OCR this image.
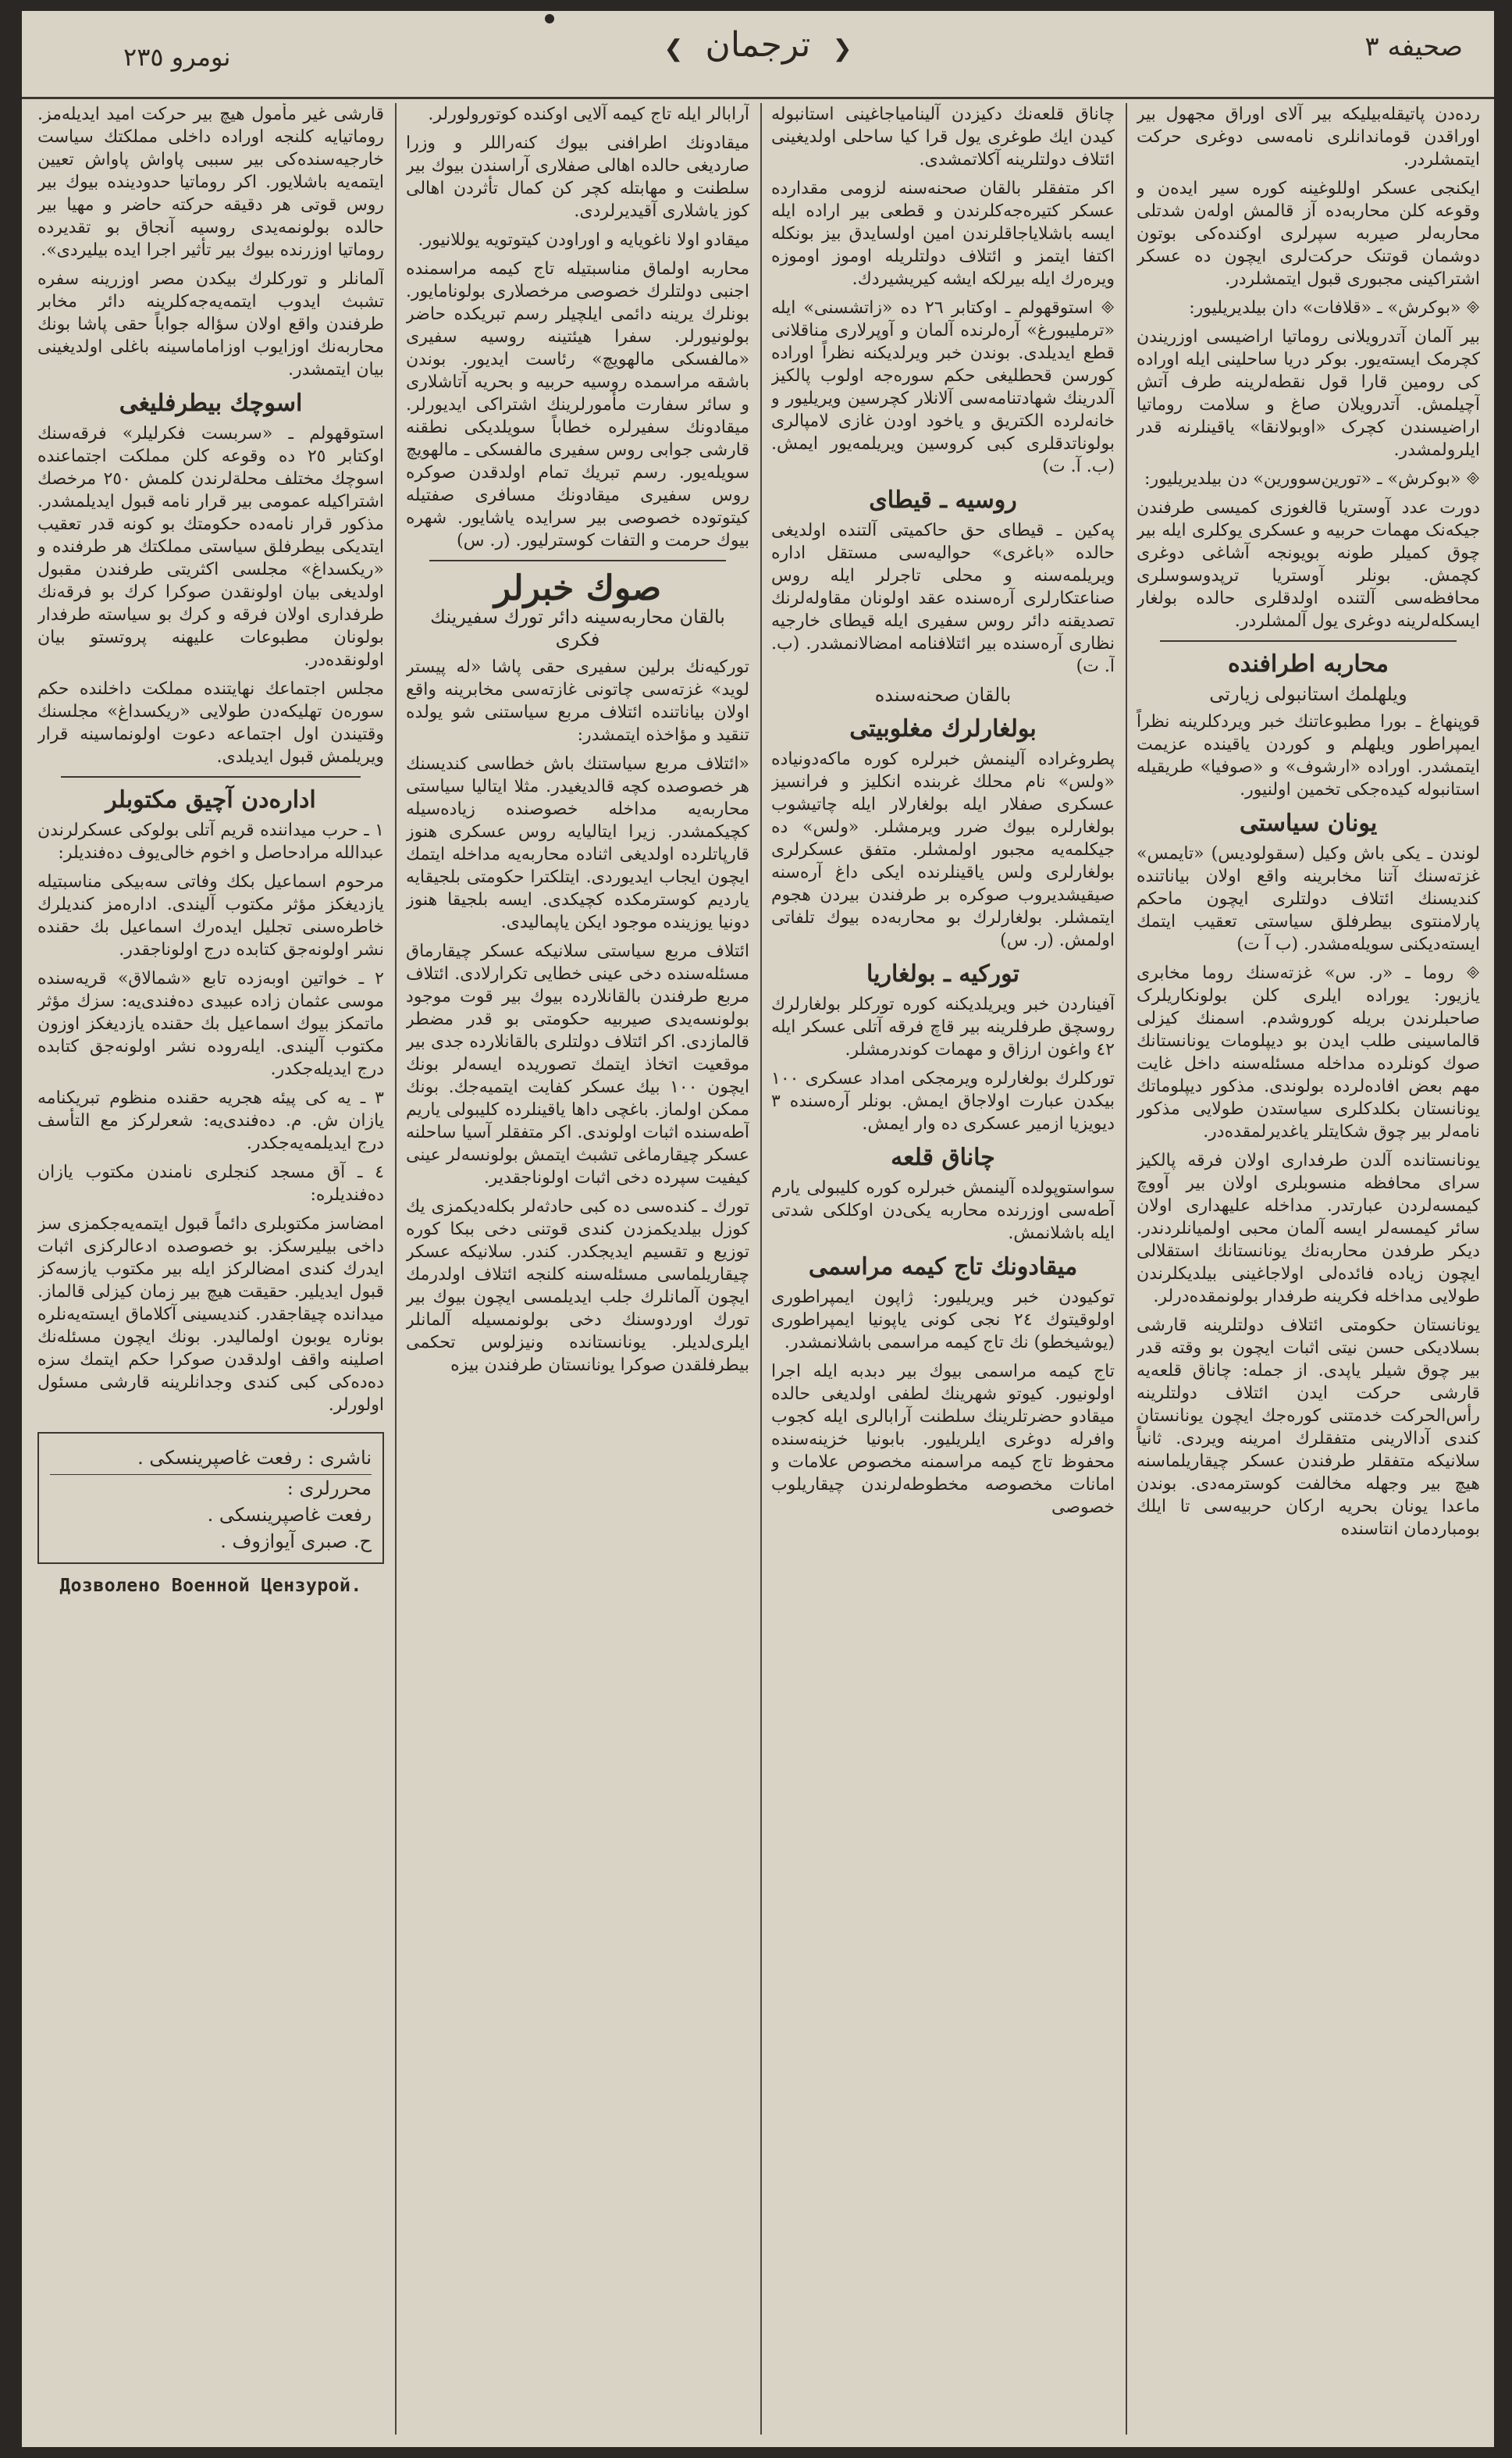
صحيفه ٣
❮ ترجمان ❯
نومرو ٢٣٥

رده‌دن پاتیقله‌بیلیکه بیر آلای اوراق مجهول بیر اوراقدن قوماندانلری نامه‌سی دوغری حرکت ایتمشلردر.

ایکنجی عسکر اوللوغینه کوره سیر ایده‌ن و وقوعه کلن محاربه‌ده آز قالمش اوله‌ن شدتلی محاربه‌لر صیربه سپرلری اوکنده‌کی بوتون دوشمان قوتنک حرکت‌لری ایچون ده عسکر اشتراکینی مجبوری قبول ایتمشلردر.

🞜 «بوکرش» ـ «قلافات» دان بیلدیریلیور:

بیر آلمان آتدرویلانی روماتیا اراضیسی اوزریندن کچرمک ایسته‌یور. بوکر دریا ساحلینی ایله اوراده کی رومین قارا قول نقطه‌لرینه طرف آتش آچیلمش. آتدرویلان صاغ و سلامت روماتیا اراضیسندن کچرک «اوبولانقا» یاقینلرنه قدر ایلرولمشدر.

🞜 «بوکرش» ـ «تورین‌سوورین» دن بیلدیریلیور:

دورت عدد آوستریا قالغوزی کمیسی طرفندن جیکه‌نک مهمات حربیه و عسکری یوکلری ایله بیر چوق کمیلر طونه بویونجه آشاغی دوغری کچمش. بونلر آوستریا ترپدوسوسلری محافظه‌سی آلتنده اولدقلری حالده بولغار ایسکله‌لرینه دوغری یول آلمشلردر.

محاربه اطرافنده
ویلهلمك استانبولی زیارتی

قوپنهاغ ـ بورا مطبوعاتنك خبر ویردکلرینه نظراً ایمپراطور ویلهلم و کوردن یاقینده عزیمت ایتمشدر. اوراده «ارشوف» و «صوفیا» طریقیله استانبوله کیده‌جکی تخمین اولنیور.

یونان سیاستی

لوندن ـ یکی باش وکیل (سقولودیس) «تایمس» غزته‌سنك آتنا مخابرینه واقع اولان بیاناتنده کندیسنك ائتلاف دولتلری ایچون ماحکم پارلامنتوی بیطرفلق سیاستی تعقیب ایتمك ایسته‌دیکنی سویله‌مشدر. (ب آ ت)

🞜 روما ـ «ر. س» غزته‌سنك روما مخابری یازیور: یوراده ایلری کلن بولونکاریلرک صاحبلرندن بریله کوروشدم. اسمنك کیزلی قالماسینی طلب ایدن بو دیپلومات یونانستانك صوك کونلرده مداخله مسئله‌سنه داخل غایت مهم بعض افاده‌لرده بولوندی. مذکور دیپلوماتك یونانستان بکلدکلری سیاستدن طولایی مذکور نامه‌لر بیر چوق شکایتلر یاغدیرلمقده‌در.

یونانستانده آلدن طرفداری اولان فرقه پالکیز سرای محافظه منسوبلری اولان بیر آووچ کیمسه‌لردن عبارتدر. مداخله علیهداری اولان سائر کیمسه‌لر ایسه آلمان محبی اولمیانلردندر. دیکر طرفدن محاربه‌نك یونانستانك استقلالی ایچون زیاده فائده‌لی اولاجاغینی بیلدیکلرندن طولایی مداخله فکرینه طرفدار بولونمقده‌درلر.

یونانستان حکومتی ائتلاف دولتلرینه قارشی بسلادیکی حسن نیتی اثبات ایچون بو وقته قدر بیر چوق شیلر یاپدی. از جمله: چاناق قلعه‌یه قارشی حرکت ایدن ائتلاف دولتلرینه رأس‌الحرکت خدمتنی کوره‌جك ایچون یونانستان کندی آدالارینی متفقلرك امرینه ویردی. ثانیاً سلانیکه متفقلر طرفندن عسکر چیقاریلماسنه هیچ بیر وجهله مخالفت کوسترمه‌دی. بوندن ماعدا یونان بحریه ارکان حربیه‌سی تا ایلك بومباردمان انتاسنده

چاناق قلعه‌نك دکیزدن آلینامیاجاغینی استانبوله کیدن ایك طوغری یول قرا کیا ساحلی اولدیغینی ائتلاف دولتلرینه آکلاتمشدی.

اکر متفقلر بالقان صحنه‌سنه لزومی مقدارده عسکر کتیره‌جه‌کلرندن و قطعی بیر اراده ایله ایسه باشلایاجاقلرندن امین اولسایدق بیز بونکله اکتفا ایتمز و ائتلاف دولتلریله اوموز اوموزه ویره‌رك ایله بیرلکه ایشه کیریشیردك.

🞜 استوقهولم ـ اوکتابر ٢٦ ده «زاتشسنی» ایله «ترملیبورغ» آره‌لرنده آلمان و آوپرلاری مناقلانی قطع ایدیلدی. بوندن خبر ویرلدیکنه نظراً اوراده کورسن قحطلیغی حکم سوره‌جه اولوب پالکیز آلدرینك شهادتنامه‌سی آلانلار کچرسین ویریلیور و خانه‌لرده الکتریق و یاخود اودن غازی لامپالری بولوناتدقلری کبی کروسین ویریلمه‌یور ایمش. (ب. آ. ت)

روسیه ـ قیطای

پەکین ـ قیطای حق حاکمیتی آلتنده اولدیغی حالده «باغری» حوالیه‌سی مستقل اداره ویریلمه‌سنه و محلی تاجرلر ایله روس صناعتکارلری آره‌سنده عقد اولونان مقاوله‌لرنك تصدیقنه دائر روس سفیری ایله قیطای خارجیه نظاری آره‌سنده بیر ائتلافنامه امضالانمشدر. (ب. آ. ت)

بالقان صحنه‌سنده
بولغارلرك مغلوبیتی

پطروغراده آلینمش خبرلره کوره ماکه‌دونیاده «ولس» نام محلك غربنده انکلیز و فرانسیز عسکری صفلار ایله بولغارلار ایله چاتیشوب بولغارلره بیوك ضرر ویرمشلر. «ولس» ده جیکلمه‌یه مجبور اولمشلر. متفق عسکرلری بولغارلری ولس یاقینلرنده ایکی داغ آره‌سنه صیقیشدیروب صوکره بر طرفندن بیردن هجوم ایتمشلر. بولغارلرك بو محاربه‌ده بیوك تلفاتی اولمش. (ر. س)

تورکیه ـ بولغاریا

آفیناردن خبر ویریلدیکنه کوره تورکلر بولغارلرك روسچق طرفلرینه بیر قاچ فرقه آتلی عسکر ایله ٤٢ واغون ارزاق و مهمات کوندرمشلر.

تورکلرك بولغارلره ویرمجکی امداد عسکری ١٠٠ بیکدن عبارت اولاجاق ایمش. بونلر آره‌سنده ٣ دیویزیا ازمیر عسکری ده وار ایمش.

چاناق قلعه

سواستوپولده آلینمش خبرلره کوره کلیبولی یارم آطه‌سی اوزرنده محاربه یکی‌دن اوکلکی شدتی ایله باشلانمش.

میقادونك تاج کیمه مراسمی

توکیودن خبر ویریلیور: ژاپون ایمپراطوری اولوقیتوك ٢٤ نجی کونی یاپونیا ایمپراطوری (یوشیخطو) نك تاج کیمه مراسمی باشلانمشدر.

تاج کیمه مراسمی بیوك بیر دبدبه ایله اجرا اولونیور. کیوتو شهرینك لطفی اولدیغی حالده میقادو حضرتلرینك سلطنت آرابالری ایله کجوب وافرله دوغری ایلریلیور. بابونیا خزینه‌سنده محفوظ تاج کیمه مراسمنه مخصوص علامات و امانات مخصوصه مخطوطه‌لرندن چیقاریلوب خصوصی

آرابالر ایله تاج کیمه آلایی اوکنده کوتورولورلر.

میقادونك اطرافنی بیوك کنه‌راللر و وزرا صاردیغی حالده اهالی صفلاری آراسندن بیوك بیر سلطنت و مهابتله کچر کن کمال تأثردن اهالی کوز یاشلاری آقیدیرلردی.

میقادو اولا ناغویایه و اوراودن کیتوتویه یوللانیور.

محاربه اولماق مناسبتیله تاج کیمه مراسمنده اجنبی دولتلرك خصوصی مرخصلاری بولونامایور. بونلرك یرینه دائمی ایلچیلر رسم تبریکده حاضر بولونیورلر. سفرا هیئتینه روسیه سفیری «مالفسکی مالهویچ» رئاست ایدیور. بوندن باشقه مراسمده روسیه حربیه و بحریه آتاشلاری و سائر سفارت مأمورلرینك اشتراکی ایدیورلر. میقادونك سفیرلره خطاباً سویلدیکی نطقنه قارشی جوابی روس سفیری مالفسکی ـ مالهویچ سویله‌یور. رسم تبریك تمام اولدقدن صوکره روس سفیری میقادونك مسافری صفتیله کیتوتوده خصوصی بیر سرایده یاشایور. شهره بیوك حرمت و التفات کوسترلیور. (ر. س)

صوك خبرلر
بالقان محاربه‌سینه دائر تورك سفیرینك فکری

تورکیه‌نك برلین سفیری حقی پاشا «له پیستر لوید» غزته‌سی چاتونی غازته‌سی مخابرینه واقع اولان بیاناتنده ائتلاف مربع سیاستنی شو یولده تنقید و مؤاخذه ایتمشدر:

«ائتلاف مربع سیاستنك باش خطاسی کندیسنك هر خصوصده کچه قالدیغیدر. مثلا ایتالیا سیاستی محاربه‌یه مداخله خصوصنده زیاده‌سیله کچیکمشدر. زیرا ایتالیایه روس عسکری هنوز قارپاتلرده اولدیغی اثناده محاربه‌یه مداخله ایتمك ایچون ایجاب ایدیوردی. ایتلکترا حکومتی بلجیقایه یاردیم کوسترمکده کچیکدی. ایسه بلجیقا هنوز دونیا یوزینده موجود ایکن یاپمالیدی.

ائتلاف مربع سیاستی سلانیکه عسکر چیقارماق مسئله‌سنده دخی عینی خطایی تکرارلادی. ائتلاف مربع طرفندن بالقانلارده بیوك بیر قوت موجود بولونسه‌یدی صیربیه حکومتی بو قدر مضطر قالمازدی. اکر ائتلاف دولتلری بالقانلارده جدی بیر موقعیت اتخاذ ایتمك تصوریده ایسه‌لر بونك ایچون ١٠٠ بیك عسکر کفایت ایتمیه‌جك. بونك ممکن اولماز. باغچی داها یاقینلرده کلیبولی یاریم آطه‌سنده اثبات اولوندی. اکر متفقلر آسیا ساحلنه عسکر چیقارماغی تشبث ایتمش بولونسه‌لر عینی کیفیت سپرده دخی اثبات اولوناجقدیر.

تورك ـ کنده‌سی ده کبی حادثه‌لر بکله‌دیکمزی یك کوزل بیلدیکمزدن کندی قوتنی دخی ببکا کوره توزیع و تقسیم ایدیجکدر. کندر. سلانیکه عسکر چیقاریلماسی مسئله‌سنه کلنجه ائتلاف اولدرمك ایچون آلمانلرك جلب ایدیلمسی ایچون بیوك بیر تورك اوردوسنك دخی بولونمسیله آلمانلر ایلری‌لدیلر. یونانستانده ونیزلوس تحکمی بیطرفلقدن صوکرا یونانستان طرفندن بیزه

قارشی غیر مأمول هیچ بیر حرکت امید ایدیله‌مز. روماتیایه کلنجه اوراده داخلی مملکتك سیاست خارجیه‌سنده‌کی بیر سببی پاواش پاواش تعیین ایتمه‌یه باشلایور. اکر روماتیا حدودینده بیوك بیر روس قوتی هر دقیقه حرکته حاضر و مهیا بیر حالده بولونمه‌یدی روسیه آنجاق بو تقدیرده روماتیا اوزرنده بیوك بیر تأثیر اجرا ایده بیلیردی».

آلمانلر و تورکلرك بیکدن مصر اوزرینه سفره تشبث ایدوب ایتمه‌یه‌جه‌کلرینه دائر مخابر طرفندن واقع اولان سؤاله جواباً حقی پاشا بونك محاربه‌نك اوزایوب اوزاماماسینه باغلی اولدیغینی بیان ایتمشدر.

اسوچك بیطرفلیغی

استوقهولم ـ «سربست فکرلیلر» فرقه‌سنك اوکتابر ٢٥ ده وقوعه کلن مملکت اجتماعنده اسوچك مختلف محلة‌لرندن کلمش ٢٥٠ مرخصك اشتراکیله عمومی بیر قرار نامه قبول ایدیلمشدر. مذکور قرار نامه‌ده حکومتك بو کونه قدر تعقیب ایتدیکی بیطرفلق سیاستی مملکتك هر طرفنده و «ریکسداغ» مجلسی اکثریتی طرفندن مقبول اولدیغی بیان اولونقدن صوکرا کرك بو فرقه‌نك طرفداری اولان فرقه و کرك بو سیاسته طرفدار بولونان مطبوعات علیهنه پروتستو بیان اولونقده‌در.

مجلس اجتماعك نهایتنده مملکت داخلنده حکم سوره‌ن تهلیکه‌دن طولایی «ریکسداغ» مجلسنك وقتیندن اول اجتماعه دعوت اولونماسینه قرار ویریلمش قبول ایدیلدی.

اداره‌دن آچیق مکتوبلر

١ ـ حرب میداننده قریم آتلی بولوکی عسکرلرندن عبدالله مرادحاصل و اخوم خالی‌یوف ده‌فندیلر:

مرحوم اسماعیل بکك وفاتی سه‌بیکی مناسبتیله یازدیغکز مؤثر مکتوب آلیندی. اداره‌مز کندیلرك خاطره‌سنی تجلیل ایده‌رك اسماعیل بك حقنده نشر اولونه‌جق کتابده درج اولوناجقدر.

٢ ـ خواتین اوبه‌زده تابع «شمالاق» قریه‌سنده موسی عثمان زاده عبیدی ده‌فندی‌یه: سزك مؤثر ماتمکز بیوك اسماعیل بك حقنده یازدیغکز اوزون مکتوب آلیندی. ایله‌روده نشر اولونه‌جق کتابده درج ایدیله‌جکدر.

٣ ـ یه کی پیئه هجریه حقنده منظوم تبریکنامه یازان ش. م. ده‌فندی‌یه: شعرلرکز مع التأسف درج ایدیلمه‌یه‌جکدر.

٤ ـ آق مسجد کنجلری نامندن مکتوب یازان ده‌فندیلره:

امضاسز مکتوبلری دائماً قبول ایتمه‌یه‌جکمزی سز داخی بیلیرسکز. بو خصوصده ادعالرکزی اثبات ایدرك کندی امضالرکز ایله بیر مکتوب یازسه‌کز قبول ایدیلیر. حقیقت هیچ بیر زمان کیزلی قالماز. میدانده چیقاجقدر. کندیسینی آکلاماق ایسته‌یه‌نلره بوناره یوبون اولمالیدر. بونك ایچون مسئله‌نك اصلینه واقف اولدقدن صوکرا حکم ایتمك سزه ده‌ده‌کی کبی کندی وجدانلرینه قارشی مسئول اولورلر.

ناشری : رفعت غاصپرینسکی .
محررلری :
رفعت غاصپرینسکی .
ح. صبری آیوازوف .
Дозволено Военной Цензурой.
